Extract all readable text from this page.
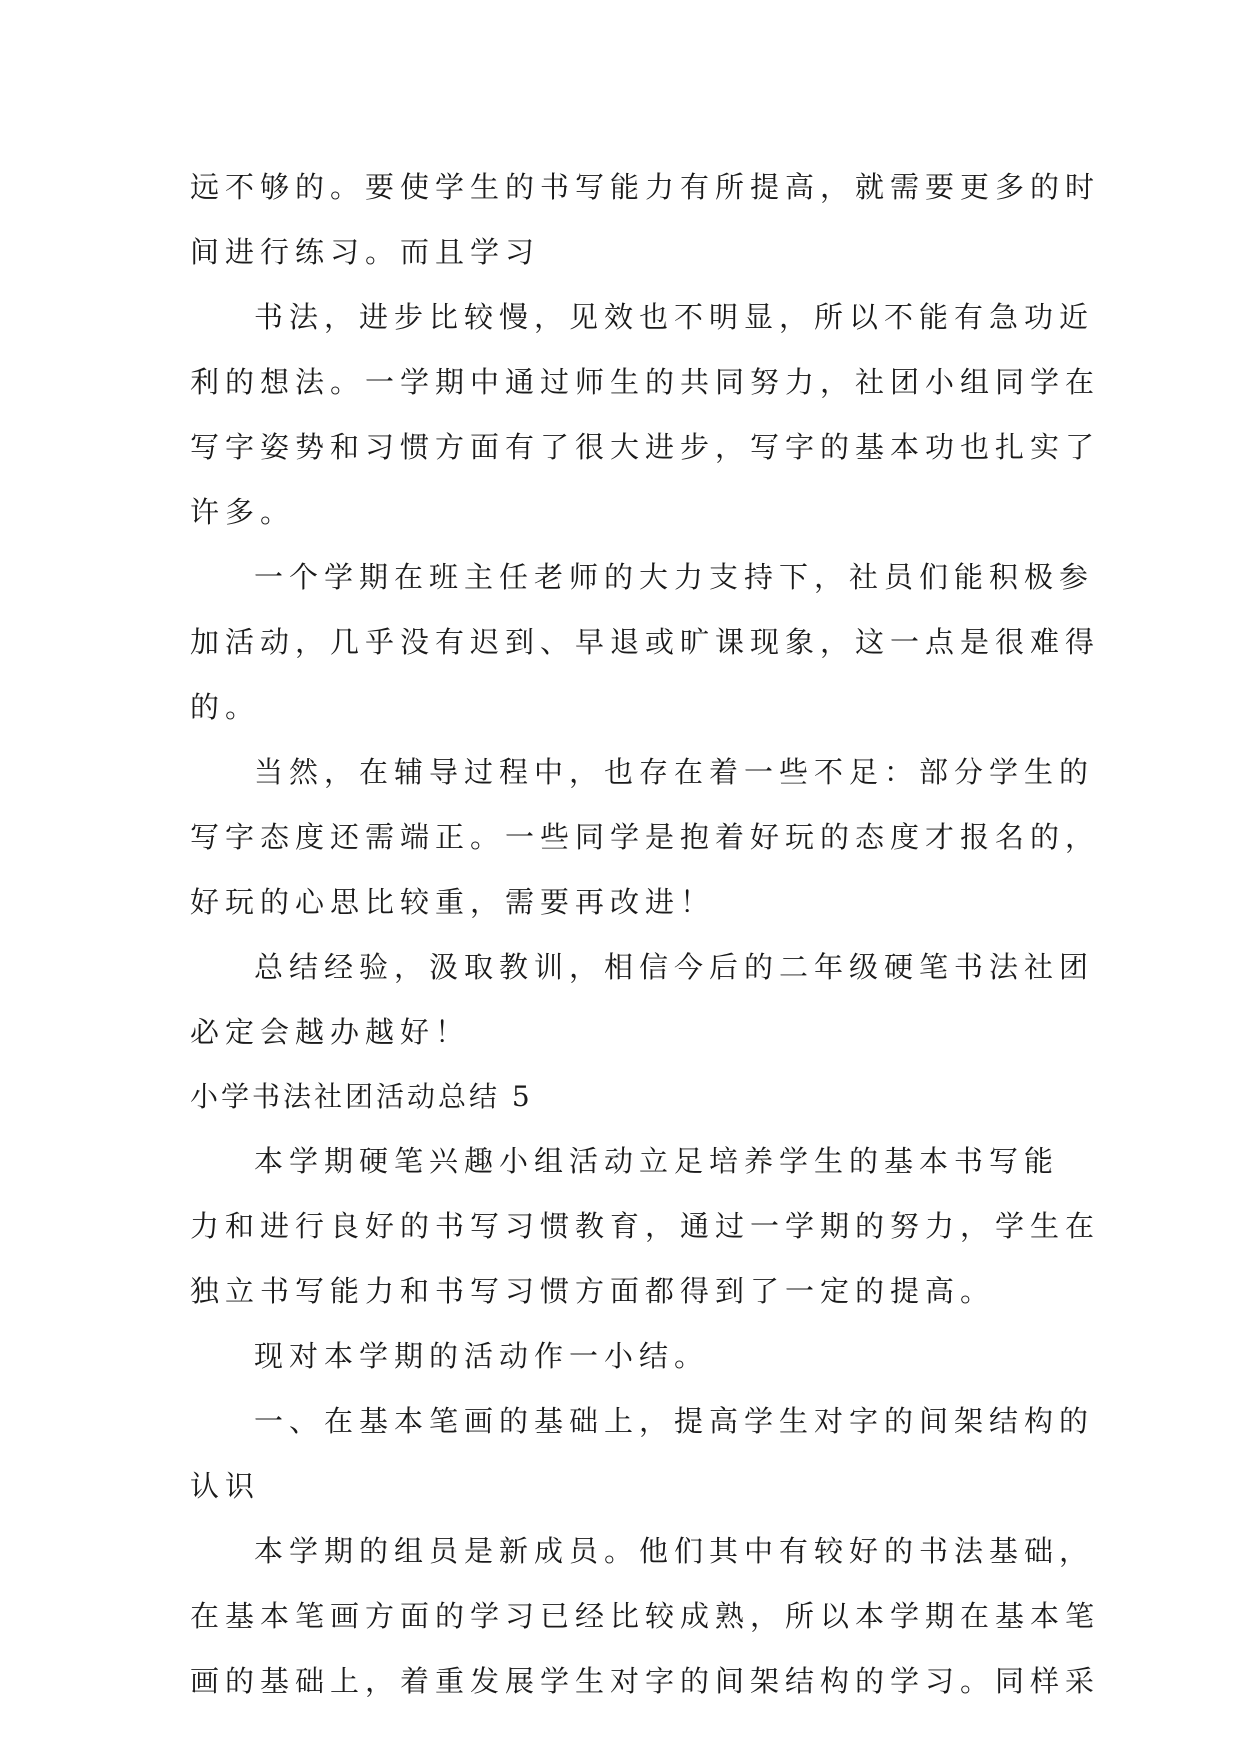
远不够的。要使学生的书写能力有所提高，就需要更多的时
间进行练习。而且学习
书法，进步比较慢，见效也不明显，所以不能有急功近
利的想法。一学期中通过师生的共同努力，社团小组同学在
写字姿势和习惯方面有了很大进步，写字的基本功也扎实了
许多。
一个学期在班主任老师的大力支持下，社员们能积极参
加活动，几乎没有迟到、早退或旷课现象，这一点是很难得
的。
当然，在辅导过程中，也存在着一些不足：部分学生的
写字态度还需端正。一些同学是抱着好玩的态度才报名的，
好玩的心思比较重，需要再改进！
总结经验，汲取教训，相信今后的二年级硬笔书法社团
必定会越办越好！
小学书法社团活动总结 5
本学期硬笔兴趣小组活动立足培养学生的基本书写能
力和进行良好的书写习惯教育，通过一学期的努力，学生在
独立书写能力和书写习惯方面都得到了一定的提高。
现对本学期的活动作一小结。
一、在基本笔画的基础上，提高学生对字的间架结构的
认识
本学期的组员是新成员。他们其中有较好的书法基础，
在基本笔画方面的学习已经比较成熟，所以本学期在基本笔
画的基础上，着重发展学生对字的间架结构的学习。同样采
